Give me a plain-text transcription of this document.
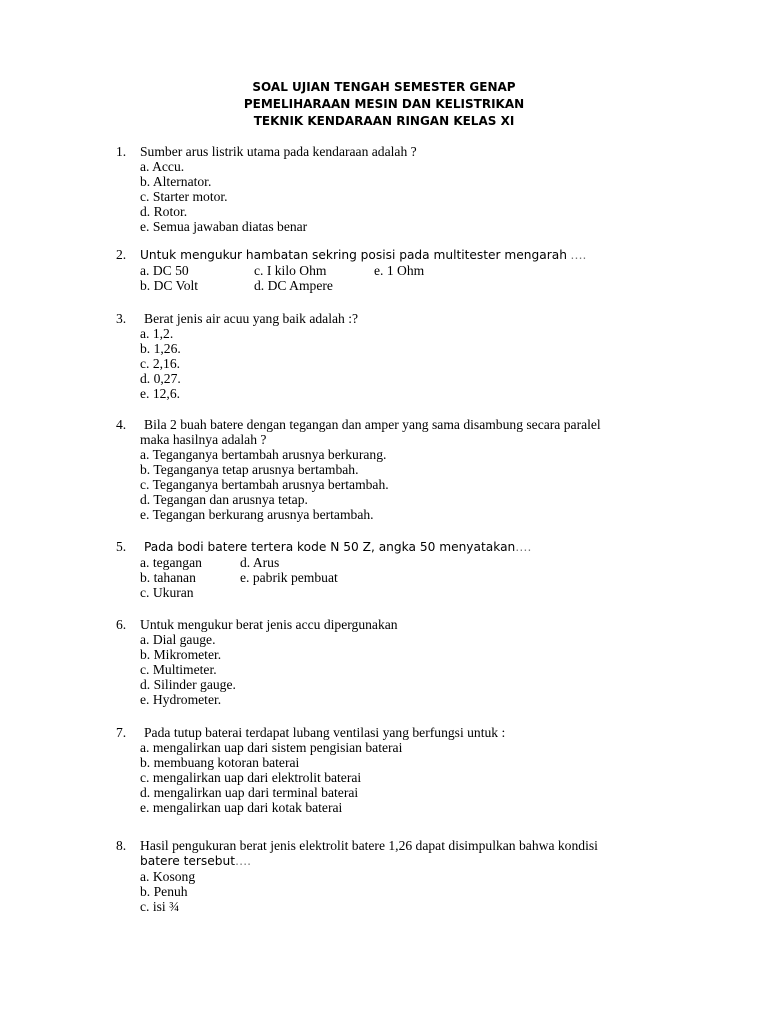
SOAL UJIAN TENGAH SEMESTER GENAP
PEMELIHARAAN MESIN DAN KELISTRIKAN
TEKNIK KENDARAAN RINGAN KELAS XI
1. Sumber arus listrik utama pada kendaraan adalah ?
a. Accu.
b. Alternator.
c. Starter motor.
d. Rotor.
e. Semua jawaban diatas benar
2. Untuk mengukur hambatan sekring posisi pada multitester mengarah ….
a. DC 50	c. I kilo Ohm	e. 1 Ohm
b. DC Volt	d. DC Ampere
3. Berat jenis air acuu yang baik adalah :?
a. 1,2.
b. 1,26.
c. 2,16.
d. 0,27.
e. 12,6.
4. Bila 2 buah batere dengan tegangan dan amper yang sama disambung secara paralel
maka hasilnya adalah ?
a. Teganganya bertambah arusnya berkurang.
b. Teganganya tetap arusnya bertambah.
c. Teganganya bertambah arusnya bertambah.
d. Tegangan dan arusnya tetap.
e. Tegangan berkurang arusnya bertambah.
5. Pada bodi batere tertera kode N 50 Z, angka 50 menyatakan….
a. tegangan	d. Arus
b. tahanan	e. pabrik pembuat
c. Ukuran
6. Untuk mengukur berat jenis accu dipergunakan
a. Dial gauge.
b. Mikrometer.
c. Multimeter.
d. Silinder gauge.
e. Hydrometer.
7. Pada tutup baterai terdapat lubang ventilasi yang berfungsi untuk :
a. mengalirkan uap dari sistem pengisian baterai
b. membuang kotoran baterai
c. mengalirkan uap dari elektrolit baterai
d. mengalirkan uap dari terminal baterai
e. mengalirkan uap dari kotak baterai
8. Hasil pengukuran berat jenis elektrolit batere 1,26 dapat disimpulkan bahwa kondisi
batere tersebut….
a. Kosong
b. Penuh
c. isi ¾
